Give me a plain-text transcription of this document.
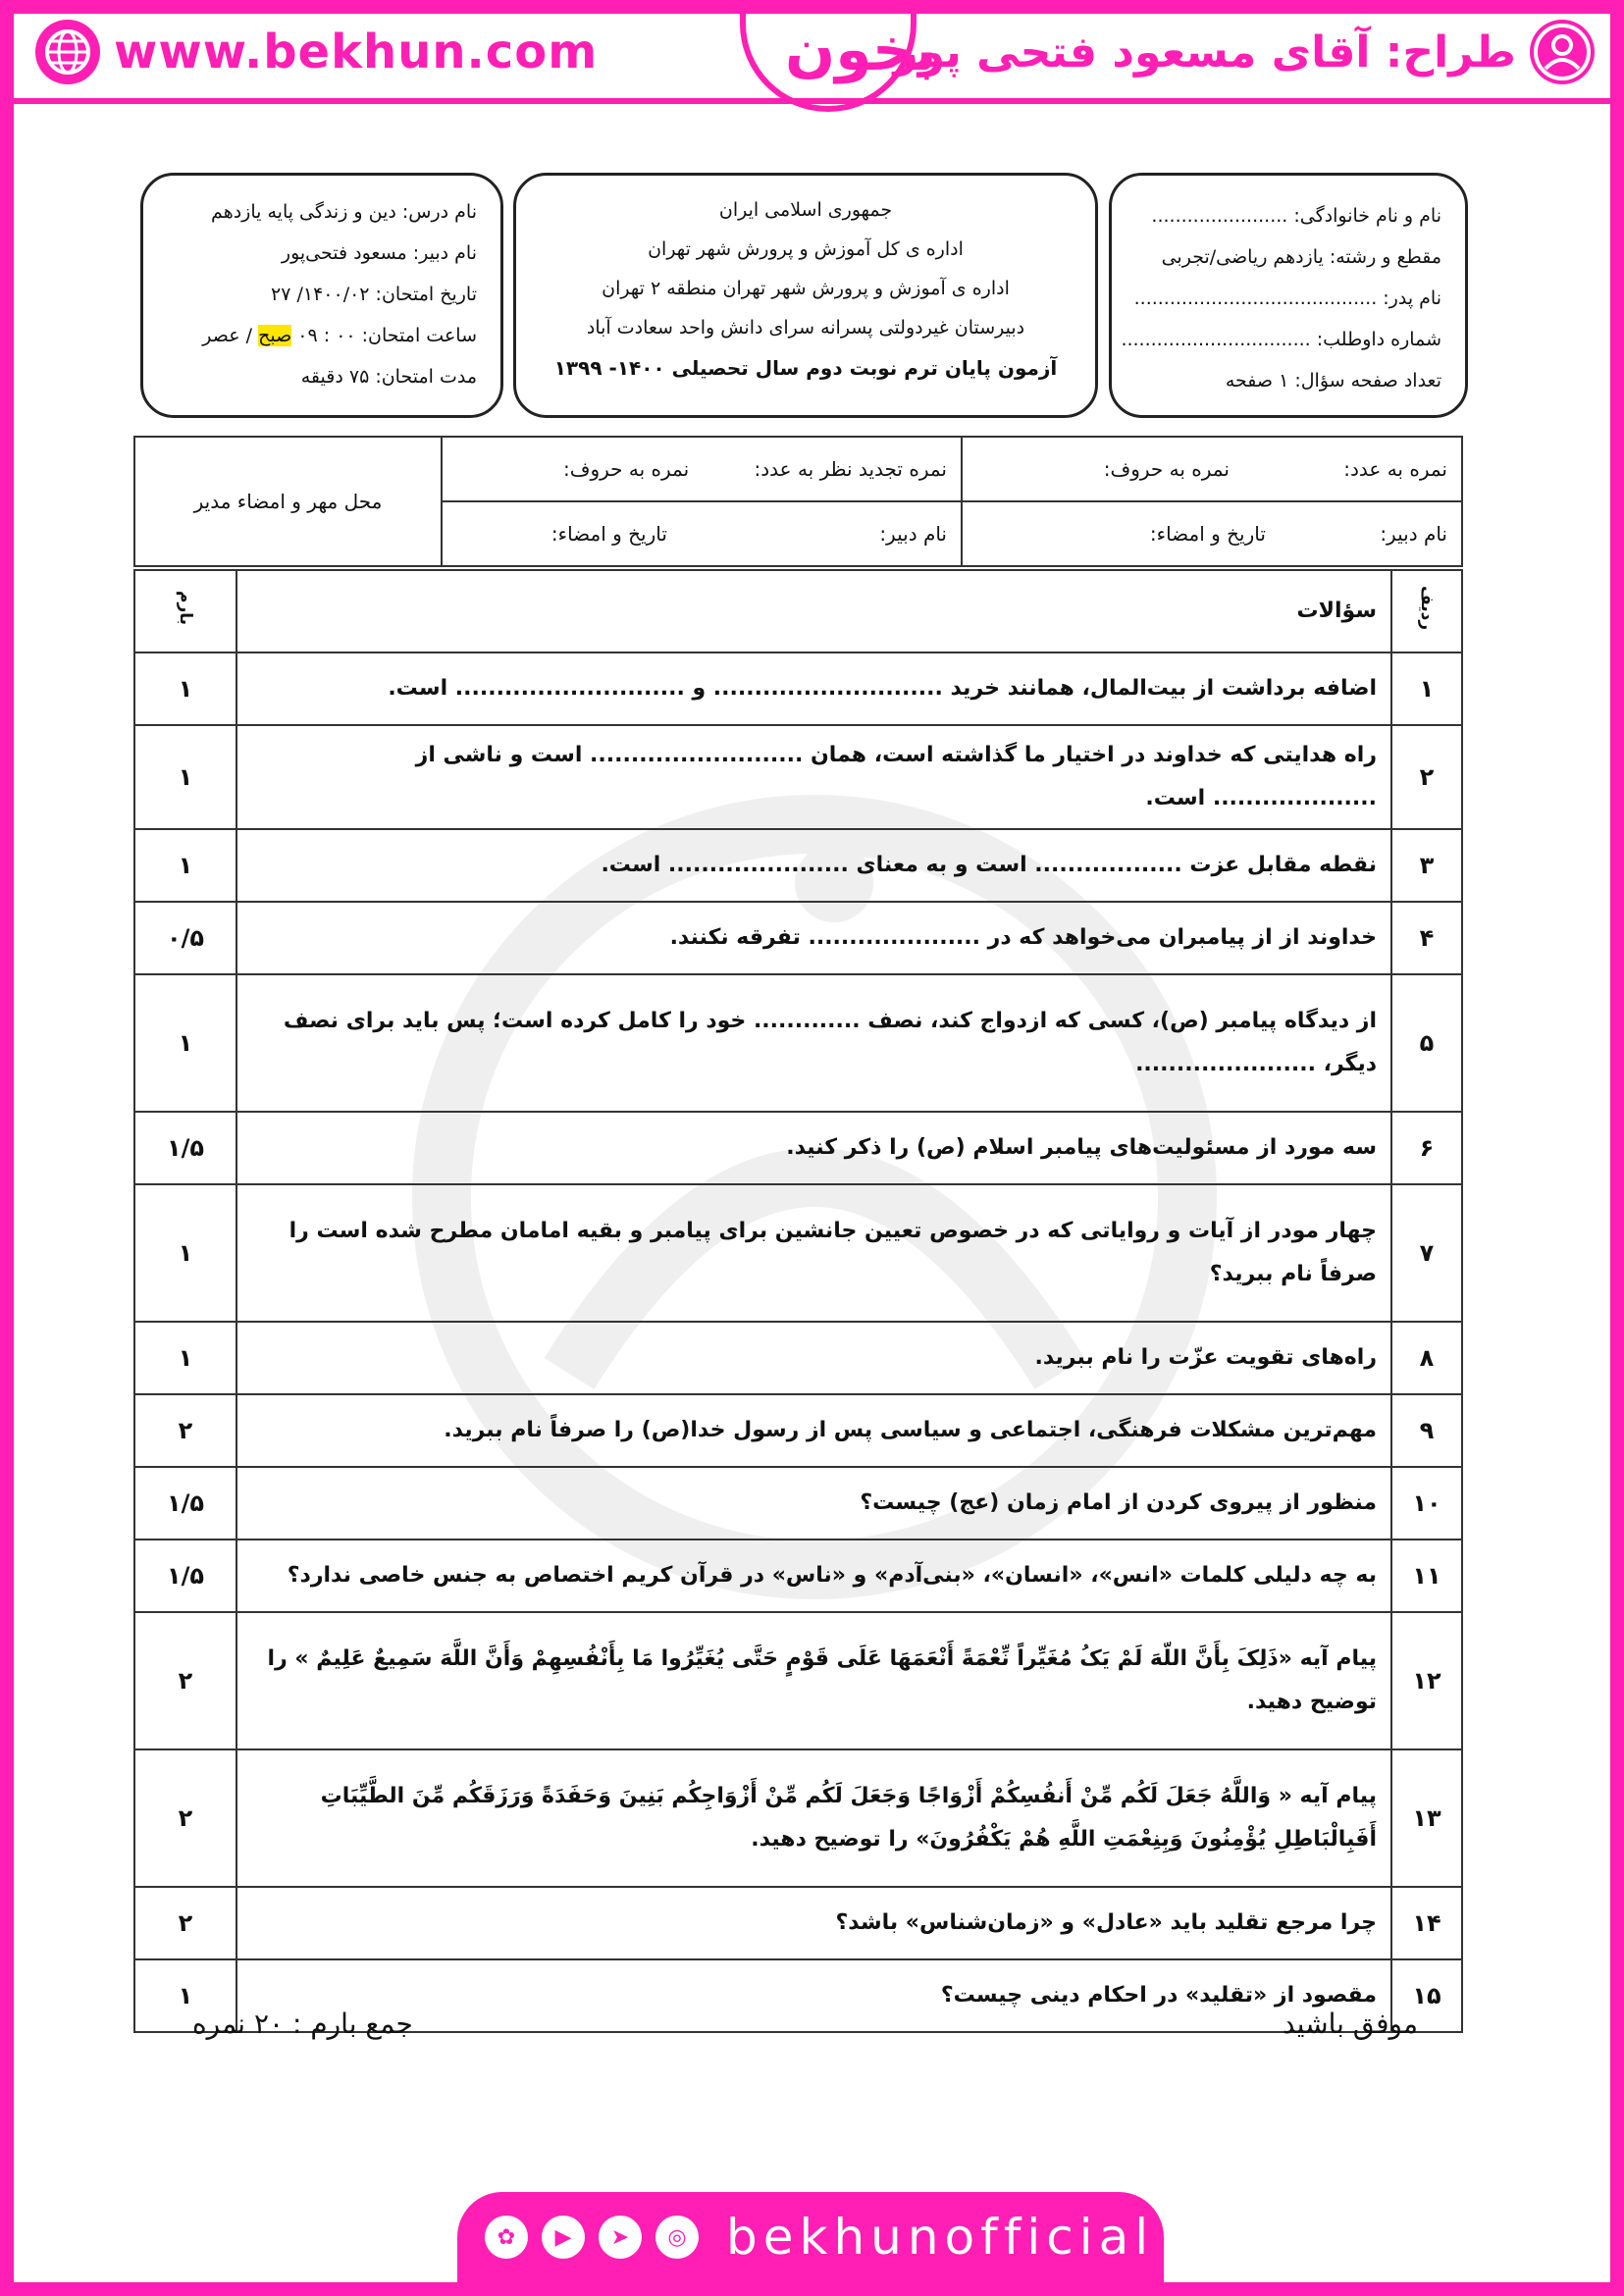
www.bekhun.com	بخون
طراح: آقای مسعود فتحی پور
نام و نام خانوادگی: .......................
مقطع و رشته: یازدهم ریاضی/تجربی
نام پدر: .........................................
شماره داوطلب: ................................
تعداد صفحه سؤال: ۱ صفحه
جمهوری اسلامی ایران
اداره ی کل آموزش و پرورش شهر تهران
اداره ی آموزش و پرورش شهر تهران منطقه ۲ تهران
دبیرستان غیردولتی پسرانه سرای دانش واحد سعادت آباد
آزمون پایان ترم نوبت دوم سال تحصیلی ۱۴۰۰- ۱۳۹۹
نام درس: دین و زندگی پایه یازدهم
نام دبیر: مسعود فتحی‌پور
تاریخ امتحان: ۱۴۰۰/۰۲/ ۲۷
ساعت امتحان: ۰۰ : ۰۹ صبح / عصر
مدت امتحان: ۷۵ دقیقه
نمره به عدد: نمره به حروف:	نمره تجدید نظر به عدد: نمره به حروف:	محل مهر و امضاء مدیر
نام دبیر: تاریخ و امضاء:	نام دبیر: تاریخ و امضاء:	
ردیف	سؤالات	بارم
۱	اضافه برداشت از بیت‌المال، همانند خرید ............................ و ............................ است.	۱
۲	راه هدایتی که خداوند در اختیار ما گذاشته است، همان .......................... است و ناشی از .................... است.	۱
۳	نقطه مقابل عزت .................. است و به معنای ...................... است.	۱
۴	خداوند از از پیامبران می‌خواهد که در ..................... تفرقه نکنند.	۰/۵
۵	از دیدگاه پیامبر (ص)، کسی که ازدواج کند، نصف ............. خود را کامل کرده است؛ پس باید برای نصف دیگر، ......................	۱
۶	سه مورد از مسئولیت‌های پیامبر اسلام (ص) را ذکر کنید.	۱/۵
۷	چهار مودر از آیات و روایاتی که در خصوص تعیین جانشین برای پیامبر و بقیه امامان مطرح شده است را صرفاً نام ببرید؟	۱
۸	راه‌های تقویت عزّت را نام ببرید.	۱
۹	مهم‌ترین مشکلات فرهنگی، اجتماعی و سیاسی پس از رسول خدا(ص) را صرفاً نام ببرید.	۲
۱۰	منظور از پیروی کردن از امام زمان (عج) چیست؟	۱/۵
۱۱	به چه دلیلی کلمات «انس»، «انسان»، «بنی‌آدم» و «ناس» در قرآن کریم اختصاص به جنس خاصی ندارد؟	۱/۵
۱۲	پیام آیه «ذَلِکَ بِأَنَّ اللّهَ لَمْ یَکُ مُغَیِّراً نِّعْمَةً أَنْعَمَهَا عَلَى قَوْمٍ حَتَّى یُغَیِّرُوا مَا بِأَنْفُسِهِمْ وَأَنَّ اللَّهَ سَمِیعٌ عَلِیمٌ » را توضیح دهید.	۲
۱۳	پیام آیه « وَاللَّهُ جَعَلَ لَکُم مِّنْ أَنفُسِکُمْ أَزْوَاجًا وَجَعَلَ لَکُم مِّنْ أَزْوَاجِکُم بَنِینَ وَحَفَدَةً وَرَزَقَکُم مِّنَ الطَّیِّبَاتِ أَفَبِالْبَاطِلِ یُؤْمِنُونَ وَبِنِعْمَتِ اللَّهِ هُمْ یَکْفُرُونَ» را توضیح دهید.	۲
۱۴	چرا مرجع تقلید باید «عادل» و «زمان‌شناس» باشد؟	۲
۱۵	مقصود از «تقلید» در احکام دینی چیست؟	۱
موفق باشید
جمع بارم : ۲۰ نمره
✿	▶	➤	◎ bekhunofficial
